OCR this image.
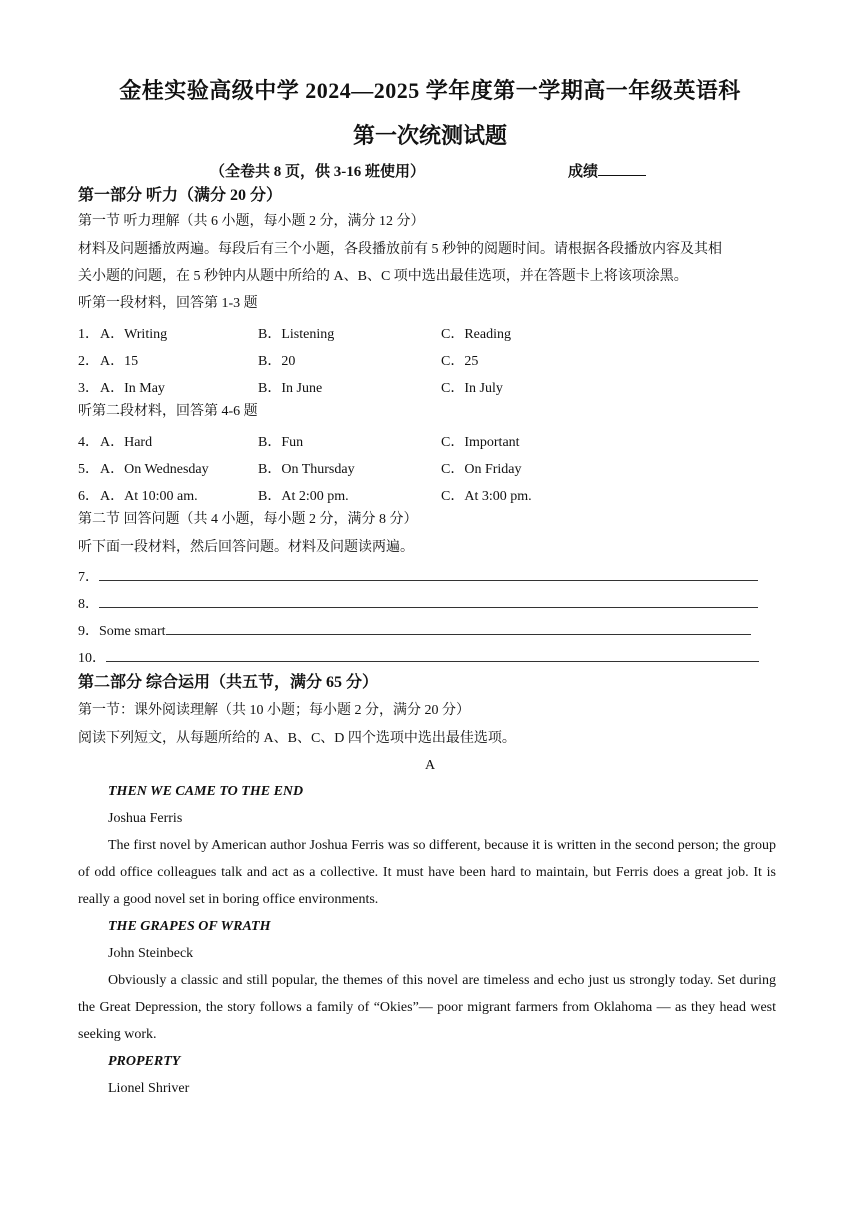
金桂实验高级中学 2024—2025 学年度第一学期高一年级英语科
第一次统测试题
（全卷共 8 页，供 3-16 班使用）	成绩
第一部分 听力（满分 20 分）
第一节 听力理解（共 6 小题，每小题 2 分，满分 12 分）
材料及问题播放两遍。每段后有三个小题，各段播放前有 5 秒钟的阅题时间。请根据各段播放内容及其相
关小题的问题，在 5 秒钟内从题中所给的 A、B、C 项中选出最佳选项，并在答题卡上将该项涂黑。
听第一段材料，回答第 1-3 题
1． A．Writing	B．Listening	C．Reading
2． A．15	B．20	C．25
3． A．In May	B．In June	C．In July
听第二段材料，回答第 4-6 题
4． A．Hard	B．Fun	C．Important
5． A．On Wednesday	B．On Thursday	C．On Friday
6． A．At 10:00 am.	B．At 2:00 pm.	C．At 3:00 pm.
第二节 回答问题（共 4 小题，每小题 2 分，满分 8 分）
听下面一段材料，然后回答问题。材料及问题读两遍。
7．
8．
9．Some smart
10．
第二部分 综合运用（共五节，满分 65 分）
第一节：课外阅读理解（共 10 小题；每小题 2 分，满分 20 分）
阅读下列短文，从每题所给的 A、B、C、D 四个选项中选出最佳选项。
A
THEN WE CAME TO THE END
Joshua Ferris
The first novel by American author Joshua Ferris was so different, because it is written in the second person; the group of odd office colleagues talk and act as a collective. It must have been hard to maintain, but Ferris does a great job. It is really a good novel set in boring office environments.
THE GRAPES OF WRATH
John Steinbeck
Obviously a classic and still popular, the themes of this novel are timeless and echo just us strongly today. Set during the Great Depression, the story follows a family of “Okies”— poor migrant farmers from Oklahoma — as they head west seeking work.
PROPERTY
Lionel Shriver
